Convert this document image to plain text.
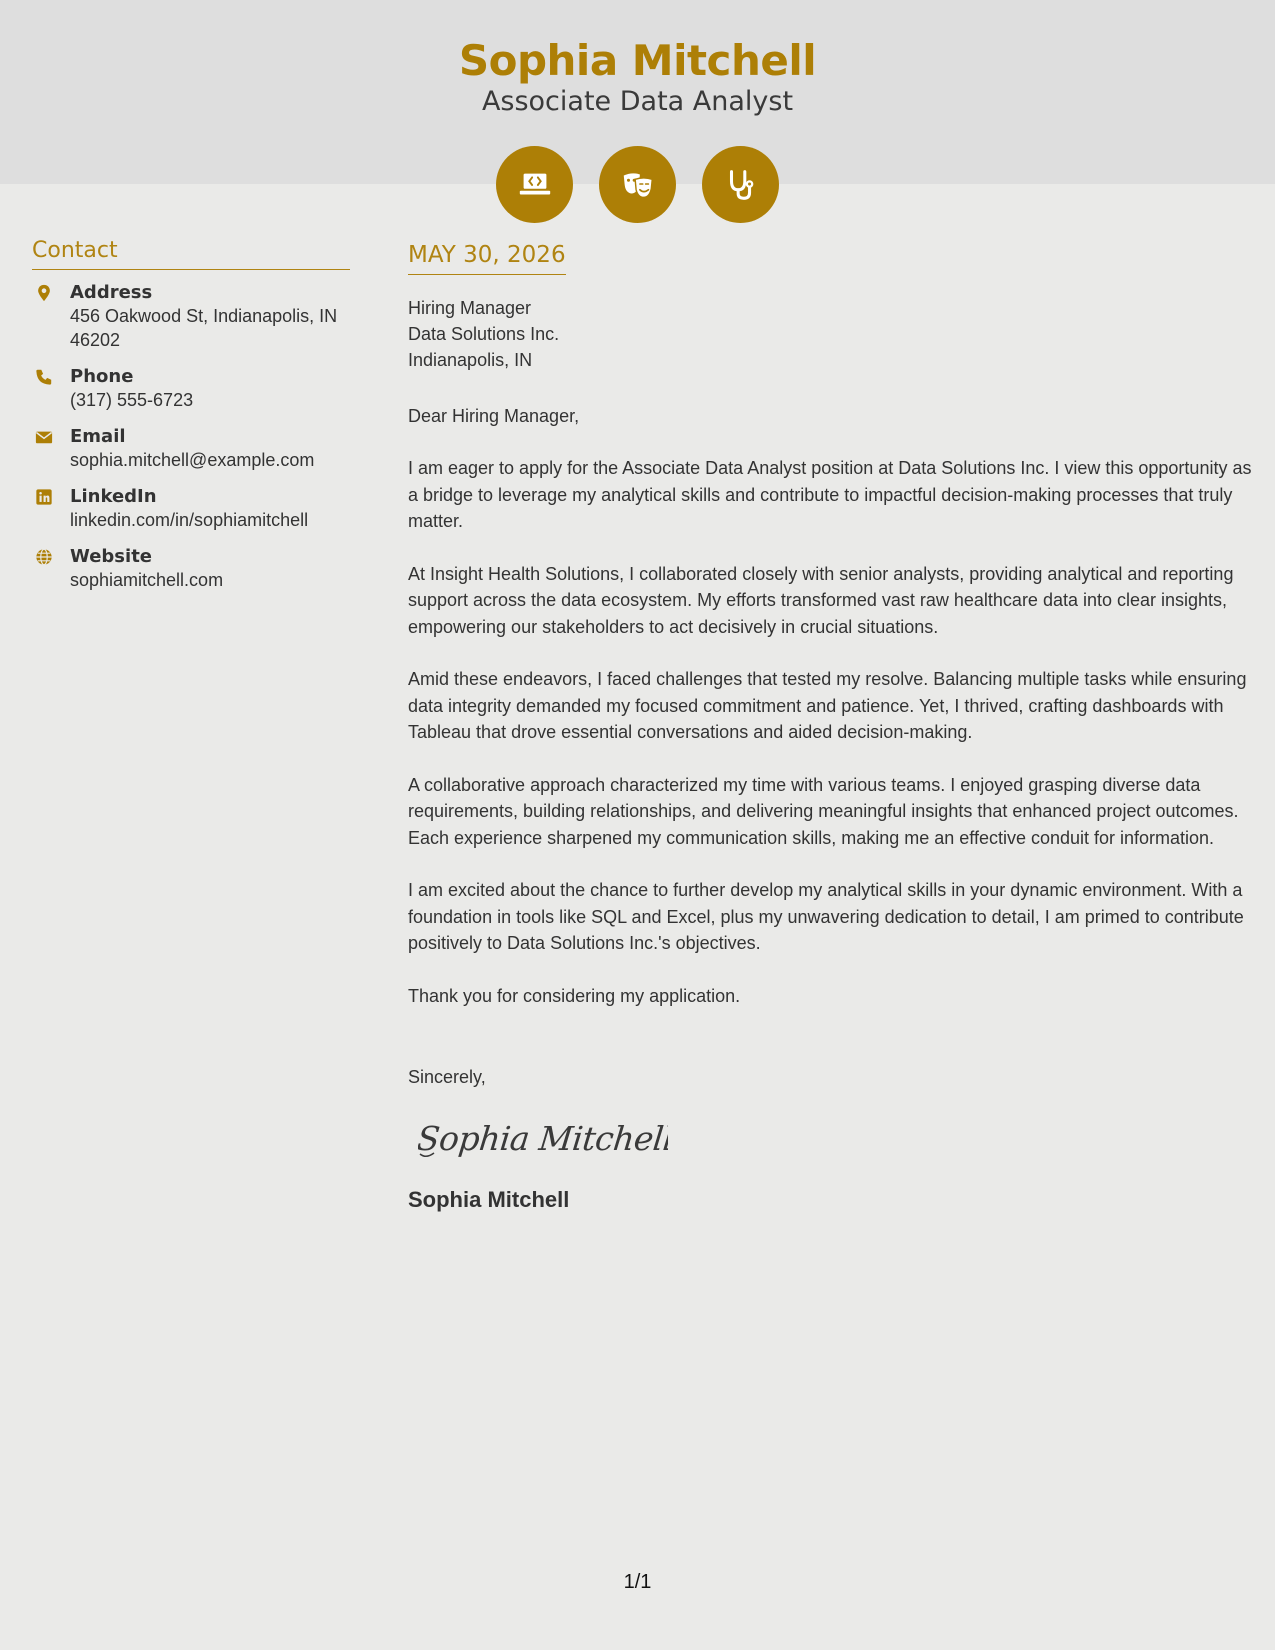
Sophia Mitchell
Associate Data Analyst
Contact
Address
456 Oakwood St, Indianapolis, IN 46202
Phone
(317) 555-6723
Email
sophia.mitchell@example.com
LinkedIn
linkedin.com/in/sophiamitchell
Website
sophiamitchell.com
MAY 30, 2026
Hiring Manager
Data Solutions Inc.
Indianapolis, IN
Dear Hiring Manager,
I am eager to apply for the Associate Data Analyst position at Data Solutions Inc. I view this opportunity as a bridge to leverage my analytical skills and contribute to impactful decision-making processes that truly matter.
At Insight Health Solutions, I collaborated closely with senior analysts, providing analytical and reporting support across the data ecosystem. My efforts transformed vast raw healthcare data into clear insights, empowering our stakeholders to act decisively in crucial situations.
Amid these endeavors, I faced challenges that tested my resolve. Balancing multiple tasks while ensuring data integrity demanded my focused commitment and patience. Yet, I thrived, crafting dashboards with Tableau that drove essential conversations and aided decision-making.
A collaborative approach characterized my time with various teams. I enjoyed grasping diverse data requirements, building relationships, and delivering meaningful insights that enhanced project outcomes. Each experience sharpened my communication skills, making me an effective conduit for information.
I am excited about the chance to further develop my analytical skills in your dynamic environment. With a foundation in tools like SQL and Excel, plus my unwavering dedication to detail, I am primed to contribute positively to Data Solutions Inc.'s objectives.
Thank you for considering my application.
Sincerely,
Sophia Mitchell
Sophia Mitchell
1/1
